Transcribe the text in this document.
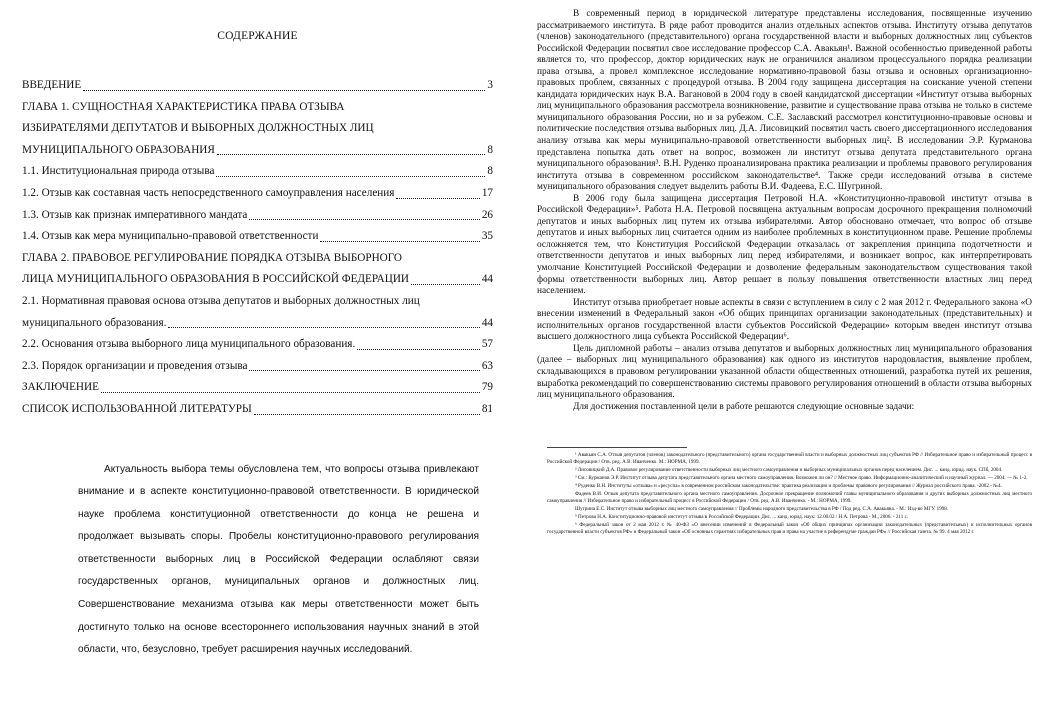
СОДЕРЖАНИЕ
ВВЕДЕНИЕ	3
ГЛАВА 1. СУЩНОСТНАЯ ХАРАКТЕРИСТИКА ПРАВА ОТЗЫВА
ИЗБИРАТЕЛЯМИ ДЕПУТАТОВ И ВЫБОРНЫХ ДОЛЖНОСТНЫХ ЛИЦ
МУНИЦИПАЛЬНОГО ОБРАЗОВАНИЯ	8
1.1. Институциональная природа отзыва	8
1.2. Отзыв как составная часть непосредственного самоуправления населения	17
1.3. Отзыв как признак императивного мандата	26
1.4. Отзыв как мера муниципально-правовой ответственности	35
ГЛАВА 2. ПРАВОВОЕ РЕГУЛИРОВАНИЕ ПОРЯДКА ОТЗЫВА ВЫБОРНОГО
ЛИЦА МУНИЦИПАЛЬНОГО ОБРАЗОВАНИЯ В РОССИЙСКОЙ ФЕДЕРАЦИИ	44
2.1. Нормативная правовая основа отзыва депутатов и выборных должностных лиц
муниципального образования.	44
2.2. Основания отзыва выборного лица муниципального образования.	57
2.3. Порядок организации и проведения отзыва	63
ЗАКЛЮЧЕНИЕ	79
СПИСОК ИСПОЛЬЗОВАННОЙ ЛИТЕРАТУРЫ	81

Актуальность выбора темы обусловлена тем, что вопросы отзыва привлекают внимание и в аспекте конституционно-правовой ответственности. В юридической науке проблема конституционной ответственности до конца не решена и продолжает вызывать споры. Пробелы конституционно-правового регулирования ответственности выборных лиц в Российской Федерации ослабляют связи государственных органов, муниципальных органов и должностных лиц. Совершенствование механизма отзыва как меры ответственности может быть достигнуто только на основе всестороннего использования научных знаний в этой области, что, безусловно, требует расширения научных исследований.

В современный период в юридической литературе представлены исследования, посвященные изучению рассматриваемого института. В ряде работ проводится анализ отдельных аспектов отзыва. Институту отзыва депутатов (членов) законодательного (представительного) органа государственной власти и выборных должностных лиц субъектов Российской Федерации посвятил свое исследование профессор С.А. Авакьян¹. Важной особенностью приведенной работы является то, что профессор, доктор юридических наук не ограничился анализом процессуального порядка реализации права отзыва, а провел комплексное исследование нормативно-правовой базы отзыва и основных организационно-правовых проблем, связанных с процедурой отзыва. В 2004 году защищена диссертация на соискание ученой степени кандидата юридических наук В.А. Вагановой в 2004 году в своей кандидатской диссертации «Институт отзыва выборных лиц муниципального образования рассмотрела возникновение, развитие и существование права отзыва не только в системе муниципального образования России, но и за рубежом. С.Е. Заславский рассмотрел конституционно-правовые основы и политические последствия отзыва выборных лиц. Д.А. Лисовицкий посвятил часть своего диссертационного исследования анализу отзыва как меры муниципально-правовой ответственности выборных лиц². В исследовании Э.Р. Курманова представлена попытка дать ответ на вопрос, возможен ли институт отзыва депутата представительного органа муниципального образования³. В.Н. Руденко проанализирована практика реализации и проблемы правового регулирования института отзыва в современном российском законодательстве⁴. Также среди исследований отзыва в системе муниципального образования следует выделить работы В.И. Фадеева, Е.С. Шугриной.

В 2006 году была защищена диссертация Петровой Н.А. «Конституционно-правовой институт отзыва в Российской Федерации»⁵. Работа Н.А. Петровой посвящена актуальным вопросам досрочного прекращения полномочий депутатов и иных выборных лиц путем их отзыва избирателями. Автор обосновано отмечает, что вопрос об отзыве депутатов и иных выборных лиц считается одним из наиболее проблемных в конституционном праве. Решение проблемы осложняется тем, что Конституция Российской Федерации отказалась от закрепления принципа подотчетности и ответственности депутатов и иных выборных лиц перед избирателями, и возникает вопрос, как интерпретировать умолчание Конституцией Российской Федерации и дозволение федеральным законодательством существования такой формы ответственности выборных лиц. Автор решает в пользу повышения ответственности властных лиц перед населением.

Институт отзыва приобретает новые аспекты в связи с вступлением в силу с 2 мая 2012 г. Федерального закона «О внесении изменений в Федеральный закон «Об общих принципах организации законодательных (представительных) и исполнительных органов государственной власти субъектов Российской Федерации» которым введен институт отзыва высшего должностного лица субъекта Российской Федерации⁶.

Цель дипломной работы – анализ отзыва депутатов и выборных должностных лиц муниципального образования (далее – выборных лиц муниципального образования) как одного из институтов народовластия, выявление проблем, складывающихся в правовом регулировании указанной области общественных отношений, разработка путей их решения, выработка рекомендаций по совершенствованию системы правового регулирования отношений в области отзыва выборных лиц муниципального образования.

Для достижения поставленной цели в работе решаются следующие основные задачи:

¹ Авакьян С.А. Отзыв депутатов (членов) законодательного (представительного) органа государственной власти и выборных должностных лиц субъектов РФ // Избирательное право и избирательный процесс в Российской Федерации / Отв. ред. А.В. Иванченко. М.: НОРМА, 1999.

² Лисовицкий Д.А. Правовое регулирование ответственности выборных лиц местного самоуправления и выборных муниципальных органов перед населением. Дис. ... канд. юрид. наук. СПб, 2004.

³ См.: Курманов Э.Р. Институт отзыва депутата представительного органа местного самоуправления. Возможен ли он? // Местное право. Информационно-аналитический и научный журнал. — 2004. — № 1-2.

⁴ Руденко В.Н. Институты «отзыва» и «ресуспа» в современном российском законодательстве: практика реализации и проблемы правового регулирования // Журнал российского права. -2002.- №4.

Фадеев В.И. Отзыв депутата представительного органа местного самоуправления. Досрочное прекращение полномочий главы муниципального образования и других выборных должностных лиц местного самоуправления // Избирательное право и избирательный процесс в Российской Федерации / Отв. ред. А.В. Иванченко. - М.: НОРМА, 1999.

Шугрина Е.С. Институт отзыва выборных лиц местного самоуправления // Проблемы народного представительства в РФ / Под ред. С.А. Авакьяна. - М.: Изд-во МГУ. 1998.

⁵ Петрова Н.А. Конституционно-правовой институт отзыва в Российской Федерации. Дис. ... канд. юрид. наук: 12.00.02 / Н.А. Петрова - М., 2006. - 211 с.

⁶ Федеральный закон от 2 мая 2012 г. № 40-ФЗ «О внесении изменений в Федеральный закон «Об общих принципах организации законодательных (представительных) и исполнительных органов государственной власти субъектов РФ» и Федеральный закон «Об основных гарантиях избирательных прав и права на участие в референдуме граждан РФ» // Российская газета. № 99. 4 мая 2012 г.
